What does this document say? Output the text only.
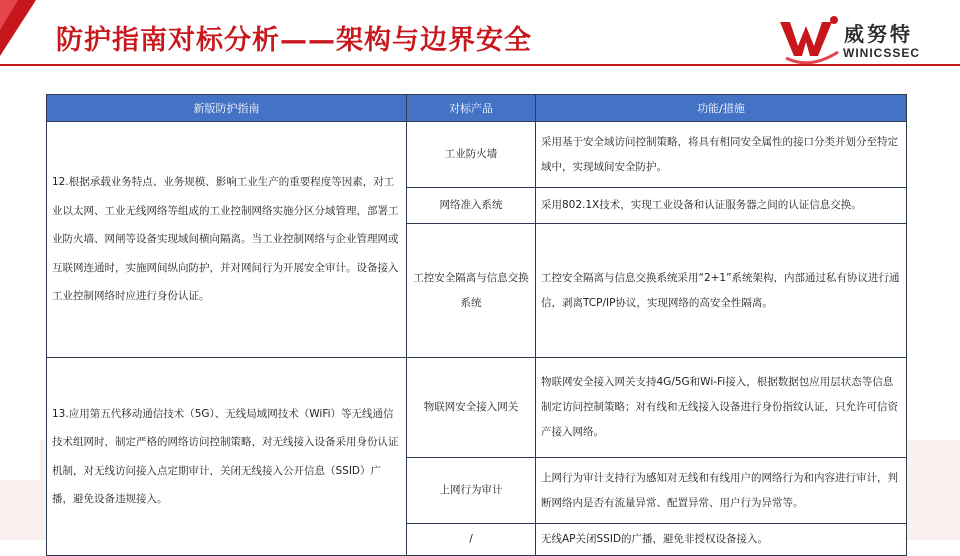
防护指南对标分析——架构与边界安全	威努特
WINICSSEC
新版防护指南	对标产品	功能/措施
12.根据承载业务特点、业务规模、影响工业生产的重要程度等因素，对工业以太网、工业无线网络等组成的工业控制网络实施分区分域管理，部署工业防火墙、网闸等设备实现域间横向隔离。当工业控制网络与企业管理网或互联网连通时，实施网间纵向防护，并对网间行为开展安全审计。设备接入工业控制网络时应进行身份认证。	工业防火墙	采用基于安全域访问控制策略，将具有相同安全属性的接口分类并划分至特定域中，实现域间安全防护。
	网络准入系统	采用802.1X技术，实现工业设备和认证服务器之间的认证信息交换。
	工控安全隔离与信息交换系统	工控安全隔离与信息交换系统采用“2+1”系统架构，内部通过私有协议进行通信，剥离TCP/IP协议，实现网络的高安全性隔离。
13.应用第五代移动通信技术（5G）、无线局域网技术（WiFi）等无线通信技术组网时，制定严格的网络访问控制策略，对无线接入设备采用身份认证机制，对无线访问接入点定期审计，关闭无线接入公开信息（SSID）广播，避免设备违规接入。	物联网安全接入网关	物联网安全接入网关支持4G/5G和Wi-Fi接入，根据数据包应用层状态等信息制定访问控制策略；对有线和无线接入设备进行身份指纹认证，只允许可信资产接入网络。
	上网行为审计	上网行为审计支持行为感知对无线和有线用户的网络行为和内容进行审计，判断网络内是否有流量异常、配置异常、用户行为异常等。
	/	无线AP关闭SSID的广播，避免非授权设备接入。
